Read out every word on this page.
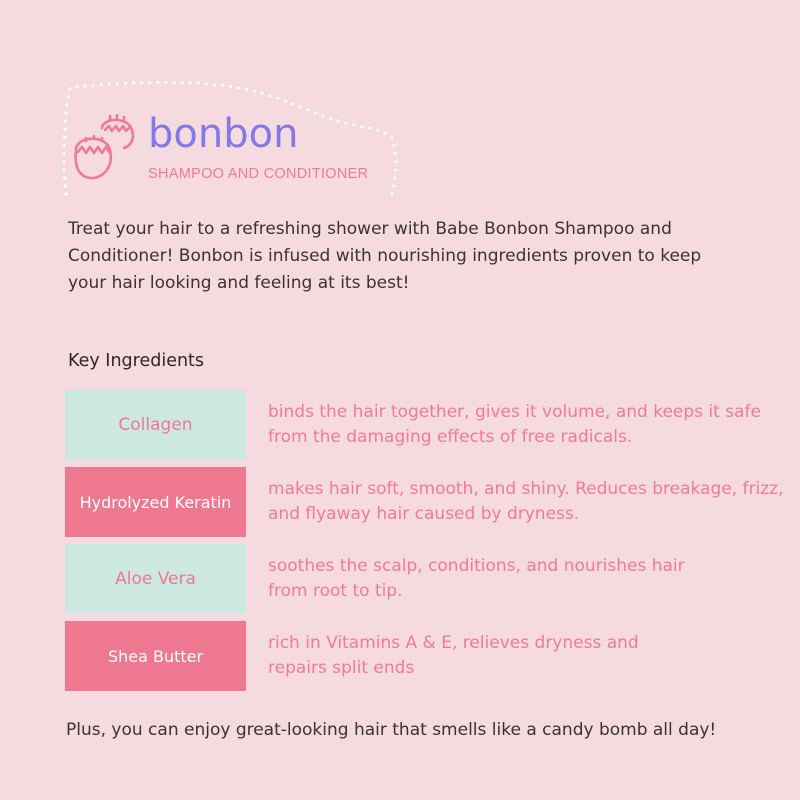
bonbon
SHAMPOO AND CONDITIONER
Treat your hair to a refreshing shower with Babe Bonbon Shampoo and Conditioner! Bonbon is infused with nourishing ingredients proven to keep your hair looking and feeling at its best!
Key Ingredients
Collagen
binds the hair together, gives it volume, and keeps it safe from the damaging effects of free radicals.
Hydrolyzed Keratin
makes hair soft, smooth, and shiny. Reduces breakage, frizz, and flyaway hair caused by dryness.
Aloe Vera
soothes the scalp, conditions, and nourishes hair from root to tip.
Shea Butter
rich in Vitamins A & E, relieves dryness and repairs split ends
Plus, you can enjoy great-looking hair that smells like a candy bomb all day!
